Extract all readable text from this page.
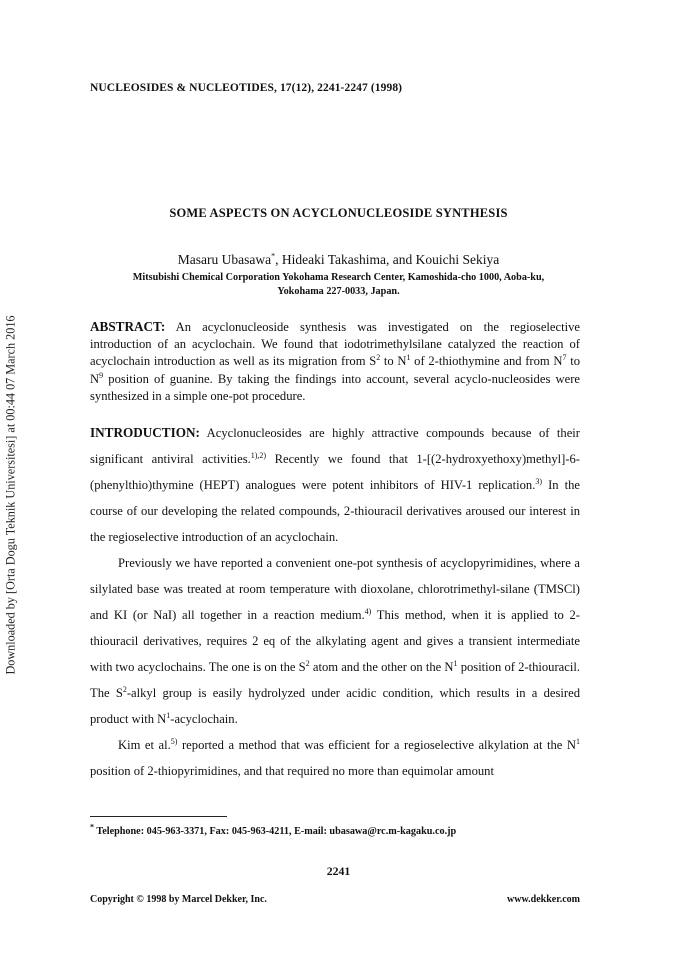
Downloaded by [Orta Dogu Teknik Universitesi] at 00:44 07 March 2016
NUCLEOSIDES & NUCLEOTIDES, 17(12), 2241-2247 (1998)
SOME ASPECTS ON ACYCLONUCLEOSIDE SYNTHESIS
Masaru Ubasawa*, Hideaki Takashima, and Kouichi Sekiya
Mitsubishi Chemical Corporation Yokohama Research Center, Kamoshida-cho 1000, Aoba-ku,
Yokohama 227-0033, Japan.
ABSTRACT: An acyclonucleoside synthesis was investigated on the regioselective introduction of an acyclochain. We found that iodotrimethylsilane catalyzed the reaction of acyclochain introduction as well as its migration from $S^2$ to $N^1$ of 2-thiothymine and from $N^7$ to $N^9$ position of guanine. By taking the findings into account, several acyclo-nucleosides were synthesized in a simple one-pot procedure.

INTRODUCTION: Acyclonucleosides are highly attractive compounds because of their significant antiviral activities.$^{1),2)}$ Recently we found that 1-[(2-hydroxyethoxy)methyl]-6-(phenylthio)thymine (HEPT) analogues were potent inhibitors of HIV-1 replication.$^{3)}$ In the course of our developing the related compounds, 2-thiouracil derivatives aroused our interest in the regioselective introduction of an acyclochain.

Previously we have reported a convenient one-pot synthesis of acyclopyrimidines, where a silylated base was treated at room temperature with dioxolane, chlorotrimethyl-silane (TMSCl) and KI (or NaI) all together in a reaction medium.$^{4)}$ This method, when it is applied to 2-thiouracil derivatives, requires 2 eq of the alkylating agent and gives a transient intermediate with two acyclochains. The one is on the $S^2$ atom and the other on the $N^1$ position of 2-thiouracil. The $S^2$-alkyl group is easily hydrolyzed under acidic condition, which results in a desired product with $N^1$-acyclochain.

Kim et al.$^{5)}$ reported a method that was efficient for a regioselective alkylation at the $N^1$ position of 2-thiopyrimidines, and that required no more than equimolar amount

* Telephone: 045-963-3371, Fax: 045-963-4211, E-mail: ubasawa@rc.m-kagaku.co.jp
2241
Copyright © 1998 by Marcel Dekker, Inc.	www.dekker.com
